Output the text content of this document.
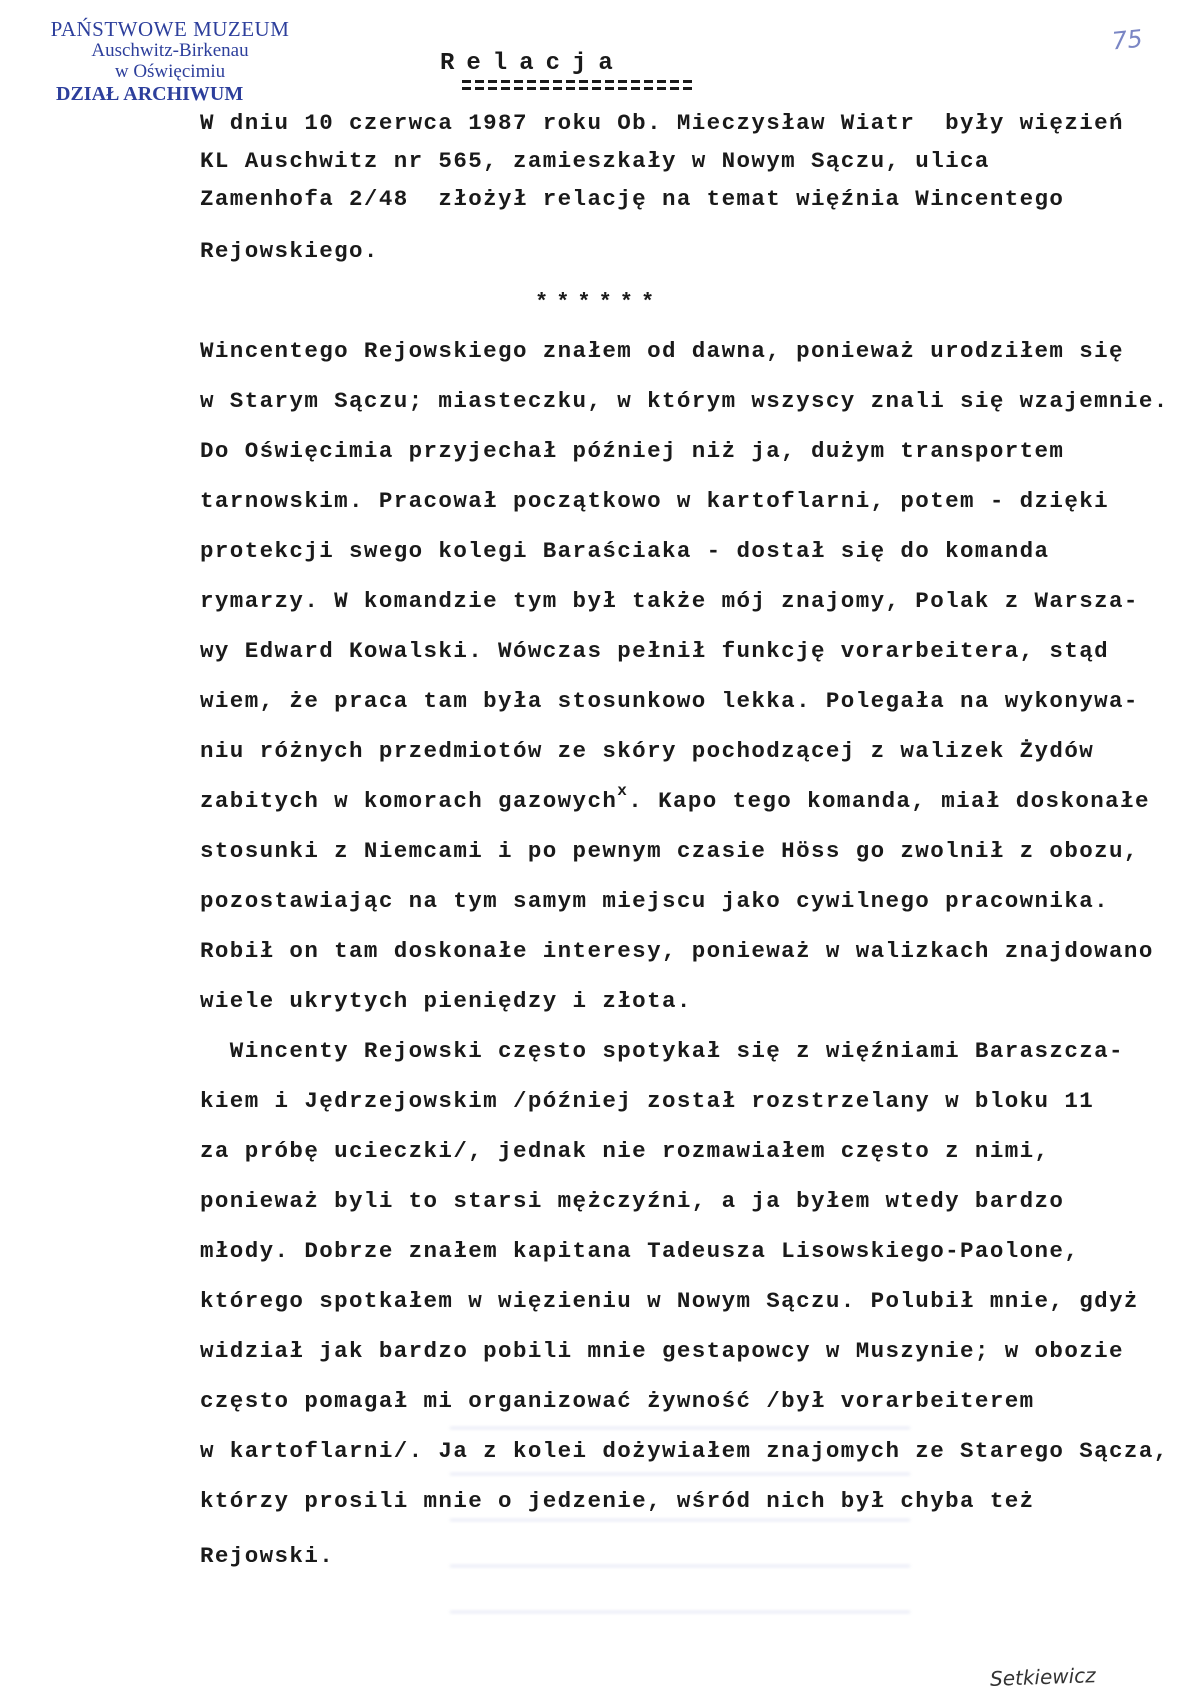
PAŃSTWOWE MUZEUM
Auschwitz-Birkenau
w Oświęcimiu
DZIAŁ ARCHIWUM
75
Relacja
W dniu 10 czerwca 1987 roku Ob. Mieczysław Wiatr  były więzień
KL Auschwitz nr 565, zamieszkały w Nowym Sączu, ulica
Zamenhofa 2/48  złożył relację na temat więźnia Wincentego
Rejowskiego.
******
Wincentego Rejowskiego znałem od dawna, ponieważ urodziłem się
w Starym Sączu; miasteczku, w którym wszyscy znali się wzajemnie.
Do Oświęcimia przyjechał później niż ja, dużym transportem
tarnowskim. Pracował początkowo w kartoflarni, potem - dzięki
protekcji swego kolegi Baraściaka - dostał się do komanda
rymarzy. W komandzie tym był także mój znajomy, Polak z Warsza-
wy Edward Kowalski. Wówczas pełnił funkcję vorarbeitera, stąd
wiem, że praca tam była stosunkowo lekka. Polegała na wykonywa-
niu różnych przedmiotów ze skóry pochodzącej z walizek Żydów
zabitych w komorach gazowych$^x$. Kapo tego komanda, miał doskonałe
stosunki z Niemcami i po pewnym czasie Höss go zwolnił z obozu,
pozostawiając na tym samym miejscu jako cywilnego pracownika.
Robił on tam doskonałe interesy, ponieważ w walizkach znajdowano
wiele ukrytych pieniędzy i złota.
Wincenty Rejowski często spotykał się z więźniami Baraszcza-
kiem i Jędrzejowskim /później został rozstrzelany w bloku 11
za próbę ucieczki/, jednak nie rozmawiałem często z nimi,
ponieważ byli to starsi mężczyźni, a ja byłem wtedy bardzo
młody. Dobrze znałem kapitana Tadeusza Lisowskiego-Paolone,
którego spotkałem w więzieniu w Nowym Sączu. Polubił mnie, gdyż
widział jak bardzo pobili mnie gestapowcy w Muszynie; w obozie
często pomagał mi organizować żywność /był vorarbeiterem
w kartoflarni/. Ja z kolei dożywiałem znajomych ze Starego Sącza,
którzy prosili mnie o jedzenie, wśród nich był chyba też
Rejowski.
Setkiewicz
